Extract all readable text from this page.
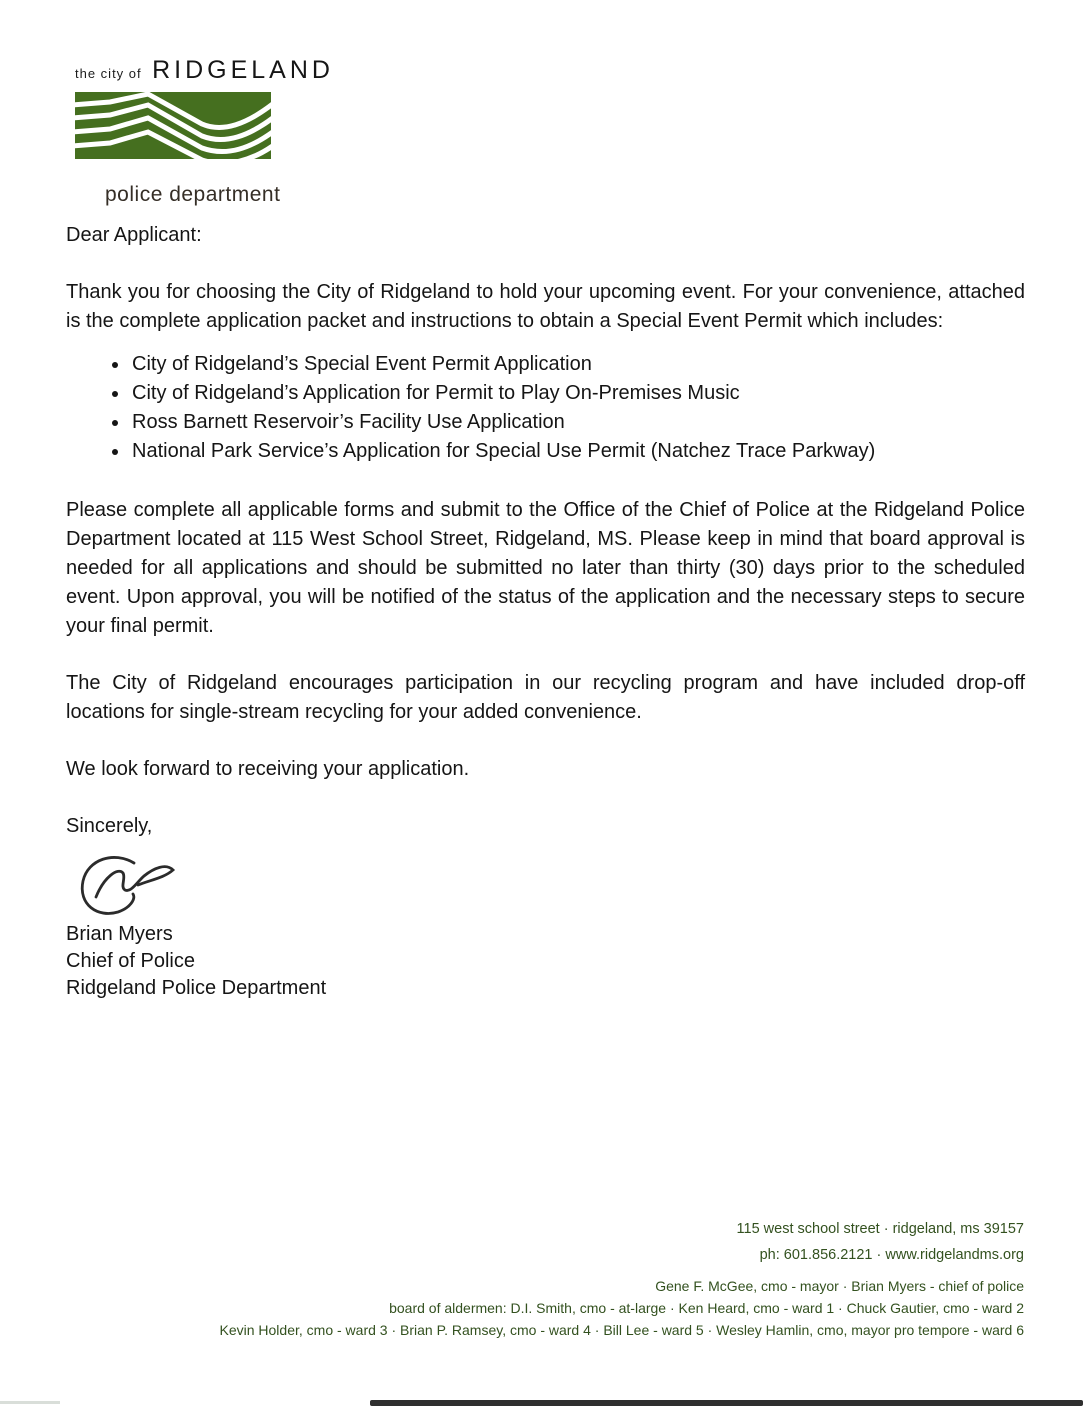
the city of RIDGELAND
police department

Dear Applicant:

Thank you for choosing the City of Ridgeland to hold your upcoming event. For your convenience, attached is the complete application packet and instructions to obtain a Special Event Permit which includes:

• City of Ridgeland’s Special Event Permit Application
• City of Ridgeland’s Application for Permit to Play On-Premises Music
• Ross Barnett Reservoir’s Facility Use Application
• National Park Service’s Application for Special Use Permit (Natchez Trace Parkway)

Please complete all applicable forms and submit to the Office of the Chief of Police at the Ridgeland Police Department located at 115 West School Street, Ridgeland, MS. Please keep in mind that board approval is needed for all applications and should be submitted no later than thirty (30) days prior to the scheduled event. Upon approval, you will be notified of the status of the application and the necessary steps to secure your final permit.

The City of Ridgeland encourages participation in our recycling program and have included drop-off locations for single-stream recycling for your added convenience.

We look forward to receiving your application.

Sincerely,

Brian Myers
Chief of Police
Ridgeland Police Department
115 west school street · ridgeland, ms 39157
ph: 601.856.2121 · www.ridgelandms.org
Gene F. McGee, cmo - mayor · Brian Myers - chief of police
board of aldermen: D.I. Smith, cmo - at-large · Ken Heard, cmo - ward 1 · Chuck Gautier, cmo - ward 2
Kevin Holder, cmo - ward 3 · Brian P. Ramsey, cmo - ward 4 · Bill Lee - ward 5 · Wesley Hamlin, cmo, mayor pro tempore - ward 6
